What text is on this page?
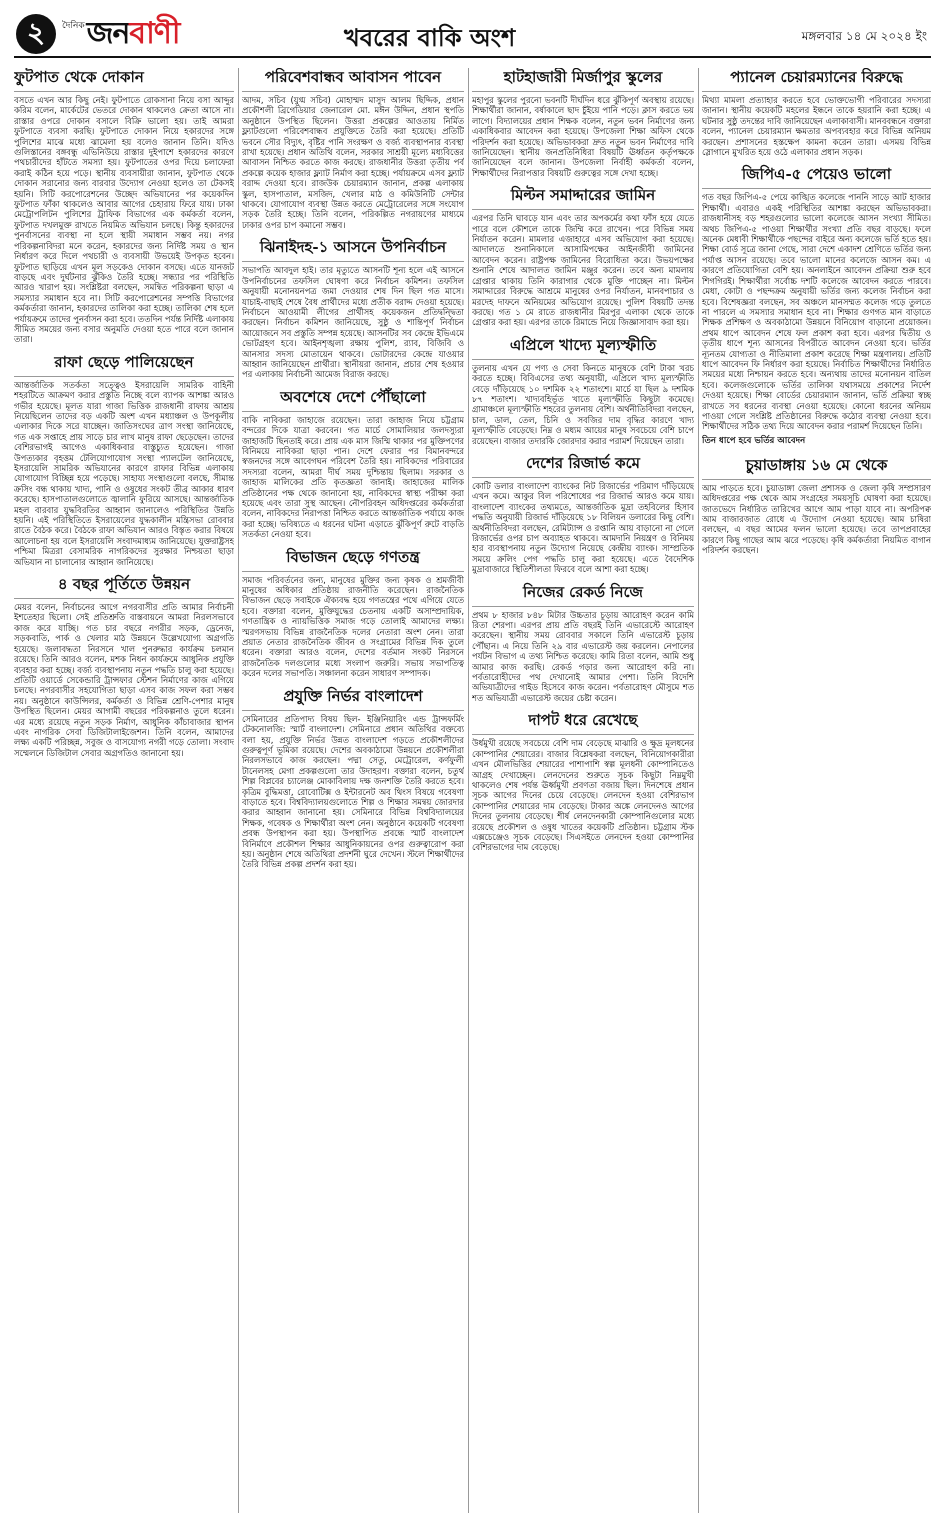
২	দৈনিক জনবাণী	খবরের বাকি অংশ	মঙ্গলবার ১৪ মে ২০২৪ ইং
ফুটপাত থেকে দোকান
বসতে এখন আর কিছু নেই। ফুটপাতে রোকসানা নিয়ে বসা আব্দুর করিম বলেন, মার্কেটের ভেতরে দোকান থাকলেও ক্রেতা আসে না। রাস্তার ওপরে দোকান বসালে বিক্রি ভালো হয়। তাই আমরা ফুটপাতে ব্যবসা করছি। ফুটপাতে দোকান নিয়ে হকারদের সঙ্গে পুলিশের মাঝে মধ্যে ঝামেলা হয় বলেও জানান তিনি। যদিও গুলিস্তানের বঙ্গবন্ধু এভিনিউয়ে রাস্তার দুইপাশে হকারদের কারণে পথচারীদের হাঁটতে সমস্যা হয়। ফুটপাতের ওপর দিয়ে চলাফেরা করাই কঠিন হয়ে পড়ে। স্থানীয় ব্যবসায়ীরা জানান, ফুটপাত থেকে দোকান সরানোর জন্য বারবার উদ্যোগ নেওয়া হলেও তা টেকসই হয়নি। সিটি করপোরেশনের উচ্ছেদ অভিযানের পর কয়েকদিন ফুটপাত ফাঁকা থাকলেও আবার আগের চেহারায় ফিরে যায়। ঢাকা মেট্রোপলিটন পুলিশের ট্রাফিক বিভাগের এক কর্মকর্তা বলেন, ফুটপাত দখলমুক্ত রাখতে নিয়মিত অভিযান চলছে। কিন্তু হকারদের পুনর্বাসনের ব্যবস্থা না হলে স্থায়ী সমাধান সম্ভব নয়। নগর পরিকল্পনাবিদরা মনে করেন, হকারদের জন্য নির্দিষ্ট সময় ও স্থান নির্ধারণ করে দিলে পথচারী ও ব্যবসায়ী উভয়েই উপকৃত হবেন। ফুটপাত ছাড়িয়ে এখন মূল সড়কেও দোকান বসছে। এতে যানজট বাড়ছে এবং দুর্ঘটনার ঝুঁকিও তৈরি হচ্ছে। সন্ধ্যার পর পরিস্থিতি আরও খারাপ হয়। সংশ্লিষ্টরা বলছেন, সমন্বিত পরিকল্পনা ছাড়া এ সমস্যার সমাধান হবে না। সিটি করপোরেশনের সম্পত্তি বিভাগের কর্মকর্তারা জানান, হকারদের তালিকা করা হচ্ছে। তালিকা শেষ হলে পর্যায়ক্রমে তাদের পুনর্বাসন করা হবে। ততদিন পর্যন্ত নির্দিষ্ট এলাকায় সীমিত সময়ের জন্য বসার অনুমতি দেওয়া হতে পারে বলে জানান তারা।
রাফা ছেড়ে পালিয়েছেন
আন্তর্জাতিক সতর্কতা সত্ত্বেও ইসরায়েলি সামরিক বাহিনী শহরটিতে আক্রমণ করার প্রস্তুতি নিচ্ছে বলে ব্যাপক আশঙ্কা আরও গভীর হয়েছে। মূলত যারা গাজা ভিত্তিক রাজধানী রাফায় আশ্রয় নিয়েছিলেন তাদের বড় একটি অংশ এখন মধ্যাঞ্চল ও উপকূলীয় এলাকার দিকে সরে যাচ্ছেন। জাতিসংঘের ত্রাণ সংস্থা জানিয়েছে, গত এক সপ্তাহে প্রায় সাড়ে চার লাখ মানুষ রাফা ছেড়েছেন। তাদের বেশিরভাগই আগেও একাধিকবার বাস্তুচ্যুত হয়েছেন। গাজা উপত্যকার বৃহত্তম টেলিযোগাযোগ সংস্থা প্যালটেল জানিয়েছে, ইসরায়েলি সামরিক অভিযানের কারণে রাফার বিভিন্ন এলাকায় যোগাযোগ বিচ্ছিন্ন হয়ে পড়েছে। সাহায্য সংস্থাগুলো বলছে, সীমান্ত ক্রসিং বন্ধ থাকায় খাদ্য, পানি ও ওষুধের সংকট তীব্র আকার ধারণ করেছে। হাসপাতালগুলোতে জ্বালানি ফুরিয়ে আসছে। আন্তর্জাতিক মহল বারবার যুদ্ধবিরতির আহ্বান জানালেও পরিস্থিতির উন্নতি হয়নি। এই পরিস্থিতিতে ইসরায়েলের যুদ্ধকালীন মন্ত্রিসভা রোববার রাতে বৈঠক করে। বৈঠকে রাফা অভিযান আরও বিস্তৃত করার বিষয়ে আলোচনা হয় বলে ইসরায়েলি সংবাদমাধ্যম জানিয়েছে। যুক্তরাষ্ট্রসহ পশ্চিমা মিত্ররা বেসামরিক নাগরিকদের সুরক্ষার নিশ্চয়তা ছাড়া অভিযান না চালানোর আহ্বান জানিয়েছে।
৪ বছর পূর্তিতে উন্নয়ন
মেয়র বলেন, নির্বাচনের আগে নগরবাসীর প্রতি আমার নির্বাচনী ইশতেহার ছিলো। সেই প্রতিশ্রুতি বাস্তবায়নে আমরা নিরলসভাবে কাজ করে যাচ্ছি। গত চার বছরে নগরীর সড়ক, ড্রেনেজ, সড়কবাতি, পার্ক ও খেলার মাঠ উন্নয়নে উল্লেখযোগ্য অগ্রগতি হয়েছে। জলাবদ্ধতা নিরসনে খাল পুনরুদ্ধার কার্যক্রম চলমান রয়েছে। তিনি আরও বলেন, মশক নিধন কার্যক্রমে আধুনিক প্রযুক্তি ব্যবহার করা হচ্ছে। বর্জ্য ব্যবস্থাপনায় নতুন পদ্ধতি চালু করা হয়েছে। প্রতিটি ওয়ার্ডে সেকেন্ডারি ট্রান্সফার স্টেশন নির্মাণের কাজ এগিয়ে চলছে। নগরবাসীর সহযোগিতা ছাড়া এসব কাজ সফল করা সম্ভব নয়। অনুষ্ঠানে কাউন্সিলর, কর্মকর্তা ও বিভিন্ন শ্রেণি-পেশার মানুষ উপস্থিত ছিলেন। মেয়র আগামী বছরের পরিকল্পনাও তুলে ধরেন। এর মধ্যে রয়েছে নতুন সড়ক নির্মাণ, আধুনিক কাঁচাবাজার স্থাপন এবং নাগরিক সেবা ডিজিটালাইজেশন। তিনি বলেন, আমাদের লক্ষ্য একটি পরিচ্ছন্ন, সবুজ ও বাসযোগ্য নগরী গড়ে তোলা। সংবাদ সম্মেলনে ডিজিটাল সেবার অগ্রগতিও জানানো হয়।
পরিবেশবান্ধব আবাসন পাবেন
আদম, সচিব (যুগ্ম সচিব) মোহাম্মদ মাসুদ আলম ছিদ্দিক, প্রধান প্রকৌশলী ব্রিগেডিয়ার জেনারেল মো. মঈন উদ্দিন, প্রধান স্থপতি অনুষ্ঠানে উপস্থিত ছিলেন। উত্তরা প্রকল্পের আওতায় নির্মিত ফ্ল্যাটগুলো পরিবেশবান্ধব প্রযুক্তিতে তৈরি করা হয়েছে। প্রতিটি ভবনে সৌর বিদ্যুৎ, বৃষ্টির পানি সংরক্ষণ ও বর্জ্য ব্যবস্থাপনার ব্যবস্থা রাখা হয়েছে। প্রধান অতিথি বলেন, সরকার সাশ্রয়ী মূল্যে মধ্যবিত্তের আবাসন নিশ্চিত করতে কাজ করছে। রাজধানীর উত্তরা তৃতীয় পর্ব প্রকল্পে কয়েক হাজার ফ্ল্যাট নির্মাণ করা হচ্ছে। পর্যায়ক্রমে এসব ফ্ল্যাট বরাদ্দ দেওয়া হবে। রাজউক চেয়ারম্যান জানান, প্রকল্প এলাকায় স্কুল, হাসপাতাল, মসজিদ, খেলার মাঠ ও কমিউনিটি সেন্টার থাকবে। যোগাযোগ ব্যবস্থা উন্নত করতে মেট্রোরেলের সঙ্গে সংযোগ সড়ক তৈরি হচ্ছে। তিনি বলেন, পরিকল্পিত নগরায়ণের মাধ্যমে ঢাকার ওপর চাপ কমানো সম্ভব।
ঝিনাইদহ-১ আসনে উপনির্বাচন
সভাপতি আবদুল হাই। তার মৃত্যুতে আসনটি শূন্য হলে এই আসনে উপনির্বাচনের তফসিল ঘোষণা করে নির্বাচন কমিশন। তফসিল অনুযায়ী মনোনয়নপত্র জমা দেওয়ার শেষ দিন ছিল গত মাসে। যাচাই-বাছাই শেষে বৈধ প্রার্থীদের মধ্যে প্রতীক বরাদ্দ দেওয়া হয়েছে। নির্বাচনে আওয়ামী লীগের প্রার্থীসহ কয়েকজন প্রতিদ্বন্দ্বিতা করছেন। নির্বাচন কমিশন জানিয়েছে, সুষ্ঠু ও শান্তিপূর্ণ নির্বাচন আয়োজনে সব প্রস্তুতি সম্পন্ন হয়েছে। আসনটির সব কেন্দ্রে ইভিএমে ভোটগ্রহণ হবে। আইনশৃঙ্খলা রক্ষায় পুলিশ, র‌্যাব, বিজিবি ও আনসার সদস্য মোতায়েন থাকবে। ভোটারদের কেন্দ্রে যাওয়ার আহ্বান জানিয়েছেন প্রার্থীরা। স্থানীয়রা জানান, প্রচার শেষ হওয়ার পর এলাকায় নির্বাচনী আমেজ বিরাজ করছে।
অবশেষে দেশে পৌঁছালো
বাকি নাবিকরা জাহাজে রয়েছেন। তারা জাহাজ নিয়ে চট্টগ্রাম বন্দরের দিকে যাত্রা করবেন। গত মার্চে সোমালিয়ার জলদস্যুরা জাহাজটি ছিনতাই করে। প্রায় এক মাস জিম্মি থাকার পর মুক্তিপণের বিনিময়ে নাবিকরা ছাড়া পান। দেশে ফেরার পর বিমানবন্দরে স্বজনদের সঙ্গে আবেগঘন পরিবেশ তৈরি হয়। নাবিকদের পরিবারের সদস্যরা বলেন, আমরা দীর্ঘ সময় দুশ্চিন্তায় ছিলাম। সরকার ও জাহাজ মালিকের প্রতি কৃতজ্ঞতা জানাই। জাহাজের মালিক প্রতিষ্ঠানের পক্ষ থেকে জানানো হয়, নাবিকদের স্বাস্থ্য পরীক্ষা করা হয়েছে এবং তারা সুস্থ আছেন। নৌপরিবহন অধিদপ্তরের কর্মকর্তারা বলেন, নাবিকদের নিরাপত্তা নিশ্চিত করতে আন্তর্জাতিক পর্যায়ে কাজ করা হচ্ছে। ভবিষ্যতে এ ধরনের ঘটনা এড়াতে ঝুঁকিপূর্ণ রুটে বাড়তি সতর্কতা নেওয়া হবে।
বিভাজন ছেড়ে গণতন্ত্র
সমাজ পরিবর্তনের জন্য, মানুষের মুক্তির জন্য কৃষক ও শ্রমজীবী মানুষের অধিকার প্রতিষ্ঠায় রাজনীতি করেছেন। রাজনৈতিক বিভাজন ছেড়ে সবাইকে ঐক্যবদ্ধ হয়ে গণতন্ত্রের পথে এগিয়ে যেতে হবে। বক্তারা বলেন, মুক্তিযুদ্ধের চেতনায় একটি অসাম্প্রদায়িক, গণতান্ত্রিক ও ন্যায়ভিত্তিক সমাজ গড়ে তোলাই আমাদের লক্ষ্য। স্মরণসভায় বিভিন্ন রাজনৈতিক দলের নেতারা অংশ নেন। তারা প্রয়াত নেতার রাজনৈতিক জীবন ও সংগ্রামের বিভিন্ন দিক তুলে ধরেন। বক্তারা আরও বলেন, দেশের বর্তমান সংকট নিরসনে রাজনৈতিক দলগুলোর মধ্যে সংলাপ জরুরি। সভায় সভাপতিত্ব করেন দলের সভাপতি। সঞ্চালনা করেন সাধারণ সম্পাদক।
প্রযুক্তি নির্ভর বাংলাদেশ
সেমিনারের প্রতিপাদ্য বিষয় ছিল- ইঞ্জিনিয়ারিং এন্ড ট্রান্সফর্মিং টেকনোলজি: স্মার্ট বাংলাদেশ। সেমিনারে প্রধান অতিথির বক্তব্যে বলা হয়, প্রযুক্তি নির্ভর উন্নত বাংলাদেশ গড়তে প্রকৌশলীদের গুরুত্বপূর্ণ ভূমিকা রয়েছে। দেশের অবকাঠামো উন্নয়নে প্রকৌশলীরা নিরলসভাবে কাজ করছেন। পদ্মা সেতু, মেট্রোরেল, কর্ণফুলী টানেলসহ মেগা প্রকল্পগুলো তার উদাহরণ। বক্তারা বলেন, চতুর্থ শিল্প বিপ্লবের চ্যালেঞ্জ মোকাবিলায় দক্ষ জনশক্তি তৈরি করতে হবে। কৃত্রিম বুদ্ধিমত্তা, রোবোটিক্স ও ইন্টারনেট অব থিংস বিষয়ে গবেষণা বাড়াতে হবে। বিশ্ববিদ্যালয়গুলোতে শিল্প ও শিক্ষার সমন্বয় জোরদার করার আহ্বান জানানো হয়। সেমিনারে বিভিন্ন বিশ্ববিদ্যালয়ের শিক্ষক, গবেষক ও শিক্ষার্থীরা অংশ নেন। অনুষ্ঠানে কয়েকটি গবেষণা প্রবন্ধ উপস্থাপন করা হয়। উপস্থাপিত প্রবন্ধে স্মার্ট বাংলাদেশ বিনির্মাণে প্রকৌশল শিক্ষার আধুনিকায়নের ওপর গুরুত্বারোপ করা হয়। অনুষ্ঠান শেষে অতিথিরা প্রদর্শনী ঘুরে দেখেন। স্টলে শিক্ষার্থীদের তৈরি বিভিন্ন প্রকল্প প্রদর্শন করা হয়।
হাটহাজারী মির্জাপুর স্কুলের
মহাপুর স্কুলের পুরনো ভবনটি দীর্ঘদিন ধরে ঝুঁকিপূর্ণ অবস্থায় রয়েছে। শিক্ষার্থীরা জানান, বর্ষাকালে ছাদ চুঁইয়ে পানি পড়ে। ক্লাস করতে ভয় লাগে। বিদ্যালয়ের প্রধান শিক্ষক বলেন, নতুন ভবন নির্মাণের জন্য একাধিকবার আবেদন করা হয়েছে। উপজেলা শিক্ষা অফিস থেকে পরিদর্শন করা হয়েছে। অভিভাবকরা দ্রুত নতুন ভবন নির্মাণের দাবি জানিয়েছেন। স্থানীয় জনপ্রতিনিধিরা বিষয়টি ঊর্ধ্বতন কর্তৃপক্ষকে জানিয়েছেন বলে জানান। উপজেলা নির্বাহী কর্মকর্তা বলেন, শিক্ষার্থীদের নিরাপত্তার বিষয়টি গুরুত্বের সঙ্গে দেখা হচ্ছে।
মিল্টন সমাদ্দারের জামিন
এরপর তিনি ঘাবড়ে যান এবং তার অপকর্মের কথা ফাঁস হয়ে যেতে পারে বলে কৌশলে তাকে জিম্মি করে রাখেন। পরে বিভিন্ন সময় নির্যাতন করেন। মামলার এজাহারে এসব অভিযোগ করা হয়েছে। আদালতে শুনানিকালে আসামিপক্ষের আইনজীবী জামিনের আবেদন করেন। রাষ্ট্রপক্ষ জামিনের বিরোধিতা করে। উভয়পক্ষের শুনানি শেষে আদালত জামিন মঞ্জুর করেন। তবে অন্য মামলায় গ্রেপ্তার থাকায় তিনি কারাগার থেকে মুক্তি পাচ্ছেন না। মিল্টন সমাদ্দারের বিরুদ্ধে আশ্রমে মানুষের ওপর নির্যাতন, মানবপাচার ও মরদেহ দাফনে অনিয়মের অভিযোগ রয়েছে। পুলিশ বিষয়টি তদন্ত করছে। গত ১ মে রাতে রাজধানীর মিরপুর এলাকা থেকে তাকে গ্রেপ্তার করা হয়। এরপর তাকে রিমান্ডে নিয়ে জিজ্ঞাসাবাদ করা হয়।
এপ্রিলে খাদ্যে মূল্যস্ফীতি
তুলনায় এখন যে পণ্য ও সেবা কিনতে মানুষকে বেশি টাকা খরচ করতে হচ্ছে। বিবিএসের তথ্য অনুযায়ী, এপ্রিলে খাদ্য মূল্যস্ফীতি বেড়ে দাঁড়িয়েছে ১০ দশমিক ২২ শতাংশে। মার্চে যা ছিল ৯ দশমিক ৮৭ শতাংশ। খাদ্যবহির্ভূত খাতে মূল্যস্ফীতি কিছুটা কমেছে। গ্রামাঞ্চলে মূল্যস্ফীতি শহরের তুলনায় বেশি। অর্থনীতিবিদরা বলছেন, চাল, ডাল, তেল, চিনি ও সবজির দাম বৃদ্ধির কারণে খাদ্য মূল্যস্ফীতি বেড়েছে। নিম্ন ও মধ্যম আয়ের মানুষ সবচেয়ে বেশি চাপে রয়েছেন। বাজার তদারকি জোরদার করার পরামর্শ দিয়েছেন তারা।
দেশের রিজার্ভ কমে
কোটি ডলার বাংলাদেশ ব্যাংকের নিট রিজার্ভের পরিমাণ দাঁড়িয়েছে এখন কমে। আকুর বিল পরিশোধের পর রিজার্ভ আরও কমে যায়। বাংলাদেশ ব্যাংকের তথ্যমতে, আন্তর্জাতিক মুদ্রা তহবিলের হিসাব পদ্ধতি অনুযায়ী রিজার্ভ দাঁড়িয়েছে ১৮ বিলিয়ন ডলারের কিছু বেশি। অর্থনীতিবিদরা বলছেন, রেমিট্যান্স ও রপ্তানি আয় বাড়ানো না গেলে রিজার্ভের ওপর চাপ অব্যাহত থাকবে। আমদানি নিয়ন্ত্রণ ও বিনিময় হার ব্যবস্থাপনায় নতুন উদ্যোগ নিয়েছে কেন্দ্রীয় ব্যাংক। সাম্প্রতিক সময়ে ক্রলিং পেগ পদ্ধতি চালু করা হয়েছে। এতে বৈদেশিক মুদ্রাবাজারে স্থিতিশীলতা ফিরবে বলে আশা করা হচ্ছে।
নিজের রেকর্ড নিজে
প্রথম ৮ হাজার ৮৪৮ মিটার উচ্চতার চূড়ায় আরোহণ করেন কামি রিতা শেরপা। এরপর প্রায় প্রতি বছরই তিনি এভারেস্টে আরোহণ করেছেন। স্থানীয় সময় রোববার সকালে তিনি এভারেস্ট চূড়ায় পৌঁছান। এ নিয়ে তিনি ২৯ বার এভারেস্ট জয় করলেন। নেপালের পর্যটন বিভাগ এ তথ্য নিশ্চিত করেছে। কামি রিতা বলেন, আমি শুধু আমার কাজ করছি। রেকর্ড গড়ার জন্য আরোহণ করি না। পর্বতারোহীদের পথ দেখানোই আমার পেশা। তিনি বিদেশি অভিযাত্রীদের গাইড হিসেবে কাজ করেন। পর্বতারোহণ মৌসুমে শত শত অভিযাত্রী এভারেস্ট জয়ের চেষ্টা করেন।
দাপট ধরে রেখেছে
উর্ধমুখী রয়েছে সবচেয়ে বেশি দাম বেড়েছে মাঝারি ও ক্ষুদ্র মূলধনের কোম্পানির শেয়ারের। বাজার বিশ্লেষকরা বলছেন, বিনিয়োগকারীরা এখন মৌলভিত্তির শেয়ারের পাশাপাশি স্বল্প মূলধনী কোম্পানিতেও আগ্রহ দেখাচ্ছেন। লেনদেনের শুরুতে সূচক কিছুটা নিম্নমুখী থাকলেও শেষ পর্যন্ত ঊর্ধ্বমুখী প্রবণতা বজায় ছিল। দিনশেষে প্রধান সূচক আগের দিনের চেয়ে বেড়েছে। লেনদেন হওয়া বেশিরভাগ কোম্পানির শেয়ারের দাম বেড়েছে। টাকার অঙ্কে লেনদেনও আগের দিনের তুলনায় বেড়েছে। শীর্ষ লেনদেনকারী কোম্পানিগুলোর মধ্যে রয়েছে প্রকৌশল ও ওষুধ খাতের কয়েকটি প্রতিষ্ঠান। চট্টগ্রাম স্টক এক্সচেঞ্জেও সূচক বেড়েছে। সিএসইতে লেনদেন হওয়া কোম্পানির বেশিরভাগের দাম বেড়েছে।
প্যানেল চেয়ারম্যানের বিরুদ্ধে
মিথ্যা মামলা প্রত্যাহার করতে হবে ভোক্তভোগী পরিবারের সদস্যরা জানান। স্থানীয় কয়েকটি মহলের ইন্ধনে তাকে হয়রানি করা হচ্ছে। এ ঘটনার সুষ্ঠু তদন্তের দাবি জানিয়েছেন এলাকাবাসী। মানববন্ধনে বক্তারা বলেন, প্যানেল চেয়ারম্যান ক্ষমতার অপব্যবহার করে বিভিন্ন অনিয়ম করছেন। প্রশাসনের হস্তক্ষেপ কামনা করেন তারা। এসময় বিভিন্ন স্লোগানে মুখরিত হয়ে ওঠে এলাকার প্রধান সড়ক।
জিপিএ-৫ পেয়েও ভালো
গত বছর জিপিএ-৫ পেয়ে কাঙ্খিত কলেজে পাননি সাড়ে আট হাজার শিক্ষার্থী। এবারও একই পরিস্থিতির আশঙ্কা করছেন অভিভাবকরা। রাজধানীসহ বড় শহরগুলোর ভালো কলেজে আসন সংখ্যা সীমিত। অথচ জিপিএ-৫ পাওয়া শিক্ষার্থীর সংখ্যা প্রতি বছর বাড়ছে। ফলে অনেক মেধাবী শিক্ষার্থীকে পছন্দের বাইরে অন্য কলেজে ভর্তি হতে হয়। শিক্ষা বোর্ড সূত্রে জানা গেছে, সারা দেশে একাদশ শ্রেণিতে ভর্তির জন্য পর্যাপ্ত আসন রয়েছে। তবে ভালো মানের কলেজে আসন কম। এ কারণে প্রতিযোগিতা বেশি হয়। অনলাইনে আবেদন প্রক্রিয়া শুরু হবে শিগগিরই। শিক্ষার্থীরা সর্বোচ্চ দশটি কলেজে আবেদন করতে পারবে। মেধা, কোটা ও পছন্দক্রম অনুযায়ী ভর্তির জন্য কলেজ নির্বাচন করা হবে। বিশেষজ্ঞরা বলছেন, সব অঞ্চলে মানসম্মত কলেজ গড়ে তুলতে না পারলে এ সমস্যার সমাধান হবে না। শিক্ষার গুণগত মান বাড়াতে শিক্ষক প্রশিক্ষণ ও অবকাঠামো উন্নয়নে বিনিয়োগ বাড়ানো প্রয়োজন। প্রথম ধাপে আবেদন শেষে ফল প্রকাশ করা হবে। এরপর দ্বিতীয় ও তৃতীয় ধাপে শূন্য আসনের বিপরীতে আবেদন নেওয়া হবে। ভর্তির ন্যূনতম যোগ্যতা ও নীতিমালা প্রকাশ করেছে শিক্ষা মন্ত্রণালয়। প্রতিটি ধাপে আবেদন ফি নির্ধারণ করা হয়েছে। নির্বাচিত শিক্ষার্থীদের নির্ধারিত সময়ের মধ্যে নিশ্চায়ন করতে হবে। অন্যথায় তাদের মনোনয়ন বাতিল হবে। কলেজগুলোকে ভর্তির তালিকা যথাসময়ে প্রকাশের নির্দেশ দেওয়া হয়েছে। শিক্ষা বোর্ডের চেয়ারম্যান জানান, ভর্তি প্রক্রিয়া স্বচ্ছ রাখতে সব ধরনের ব্যবস্থা নেওয়া হয়েছে। কোনো ধরনের অনিয়ম পাওয়া গেলে সংশ্লিষ্ট প্রতিষ্ঠানের বিরুদ্ধে কঠোর ব্যবস্থা নেওয়া হবে। শিক্ষার্থীদের সঠিক তথ্য দিয়ে আবেদন করার পরামর্শ দিয়েছেন তিনি।
তিন ধাপে হবে ভর্তির আবেদন
চুয়াডাঙ্গায় ১৬ মে থেকে
আম পাড়তে হবে। চুয়াডাঙ্গা জেলা প্রশাসক ও জেলা কৃষি সম্প্রসারণ অধিদপ্তরের পক্ষ থেকে আম সংগ্রহের সময়সূচি ঘোষণা করা হয়েছে। জাতভেদে নির্ধারিত তারিখের আগে আম পাড়া যাবে না। অপরিপক্ব আম বাজারজাত রোধে এ উদ্যোগ নেওয়া হয়েছে। আম চাষিরা বলছেন, এ বছর আমের ফলন ভালো হয়েছে। তবে তাপপ্রবাহের কারণে কিছু গাছের আম ঝরে পড়েছে। কৃষি কর্মকর্তারা নিয়মিত বাগান পরিদর্শন করছেন।
